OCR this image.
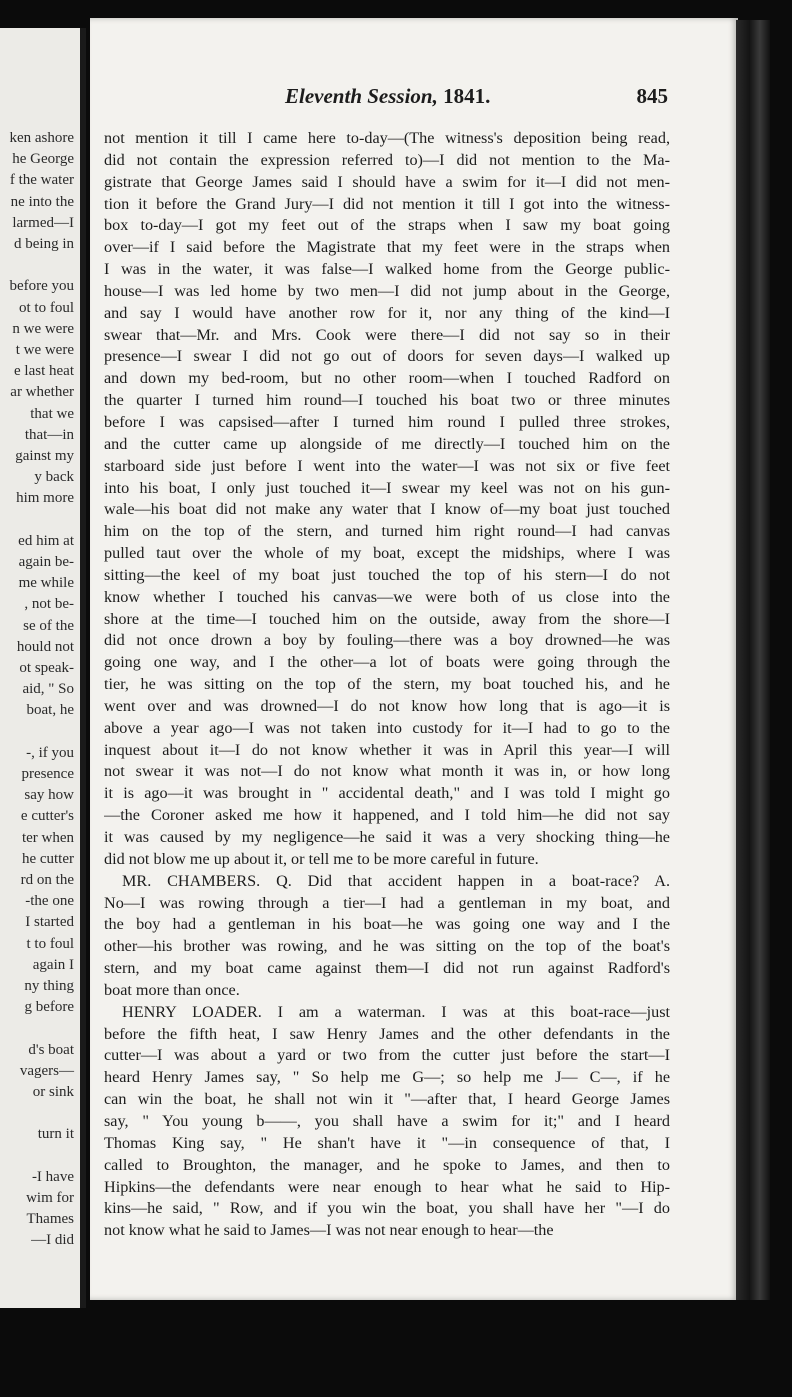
ken ashore
he George
f the water
ne into the
larmed—I
d being in
before you
ot to foul
n we were
t we were
e last heat
ar whether
that we
that—in
gainst my
y back
him more
ed him at
again be-
me while
, not be-
se of the
hould not
ot speak-
aid, " So
boat, he
-, if you
presence
say how
e cutter's
ter when
he cutter
rd on the
-the one
I started
t to foul
again I
ny thing
g before
d's boat
vagers—
or sink
turn it
-I have
wim for
Thames
—I did
Eleventh Session, 1841.	845
not mention it till I came here to-day—(The witness's deposition being read,
did not contain the expression referred to)—I did not mention to the Ma-
gistrate that George James said I should have a swim for it—I did not men-
tion it before the Grand Jury—I did not mention it till I got into the witness-
box to-day—I got my feet out of the straps when I saw my boat going
over—if I said before the Magistrate that my feet were in the straps when
I was in the water, it was false—I walked home from the George public-
house—I was led home by two men—I did not jump about in the George,
and say I would have another row for it, nor any thing of the kind—I
swear that—Mr. and Mrs. Cook were there—I did not say so in their
presence—I swear I did not go out of doors for seven days—I walked up
and down my bed-room, but no other room—when I touched Radford on
the quarter I turned him round—I touched his boat two or three minutes
before I was capsised—after I turned him round I pulled three strokes,
and the cutter came up alongside of me directly—I touched him on the
starboard side just before I went into the water—I was not six or five feet
into his boat, I only just touched it—I swear my keel was not on his gun-
wale—his boat did not make any water that I know of—my boat just touched
him on the top of the stern, and turned him right round—I had canvas
pulled taut over the whole of my boat, except the midships, where I was
sitting—the keel of my boat just touched the top of his stern—I do not
know whether I touched his canvas—we were both of us close into the
shore at the time—I touched him on the outside, away from the shore—I
did not once drown a boy by fouling—there was a boy drowned—he was
going one way, and I the other—a lot of boats were going through the
tier, he was sitting on the top of the stern, my boat touched his, and he
went over and was drowned—I do not know how long that is ago—it is
above a year ago—I was not taken into custody for it—I had to go to the
inquest about it—I do not know whether it was in April this year—I will
not swear it was not—I do not know what month it was in, or how long
it is ago—it was brought in " accidental death," and I was told I might go
—the Coroner asked me how it happened, and I told him—he did not say
it was caused by my negligence—he said it was a very shocking thing—he
did not blow me up about it, or tell me to be more careful in future.
MR. CHAMBERS. Q. Did that accident happen in a boat-race? A.
No—I was rowing through a tier—I had a gentleman in my boat, and
the boy had a gentleman in his boat—he was going one way and I the
other—his brother was rowing, and he was sitting on the top of the boat's
stern, and my boat came against them—I did not run against Radford's
boat more than once.
HENRY LOADER. I am a waterman. I was at this boat-race—just
before the fifth heat, I saw Henry James and the other defendants in the
cutter—I was about a yard or two from the cutter just before the start—I
heard Henry James say, " So help me G—; so help me J— C—, if he
can win the boat, he shall not win it "—after that, I heard George James
say, " You young b——, you shall have a swim for it;" and I heard
Thomas King say, " He shan't have it "—in consequence of that, I
called to Broughton, the manager, and he spoke to James, and then to
Hipkins—the defendants were near enough to hear what he said to Hip-
kins—he said, " Row, and if you win the boat, you shall have her "—I do
not know what he said to James—I was not near enough to hear—the
